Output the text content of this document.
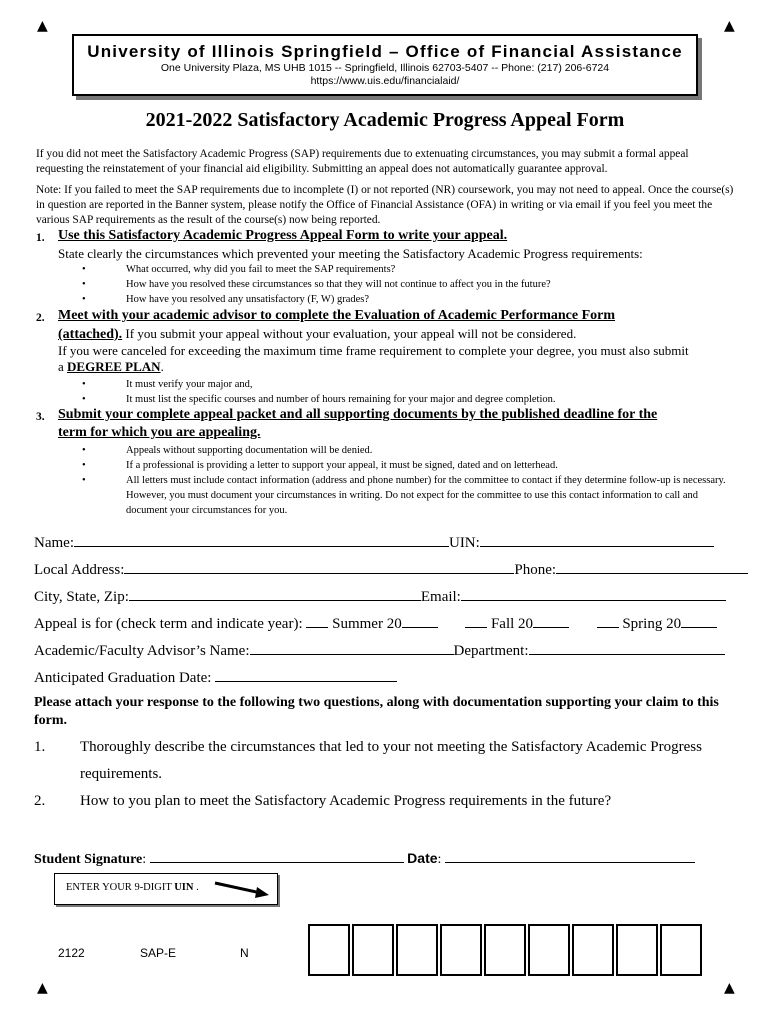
▲	▲
▲	▲
University of Illinois Springfield – Office of Financial Assistance
One University Plaza, MS UHB 1015 -- Springfield, Illinois 62703-5407 -- Phone: (217) 206-6724
https://www.uis.edu/financialaid/
2021-2022 Satisfactory Academic Progress Appeal Form

If you did not meet the Satisfactory Academic Progress (SAP) requirements due to extenuating circumstances, you may submit a formal appeal requesting the reinstatement of your financial aid eligibility. Submitting an appeal does not automatically guarantee approval.

Note: If you failed to meet the SAP requirements due to incomplete (I) or not reported (NR) coursework, you may not need to appeal. Once the course(s) in question are reported in the Banner system, please notify the Office of Financial Assistance (OFA) in writing or via email if you feel you meet the various SAP requirements as the result of the course(s) now being reported.

1. Use this Satisfactory Academic Progress Appeal Form to write your appeal.
State clearly the circumstances which prevented your meeting the Satisfactory Academic Progress requirements:
•	What occurred, why did you fail to meet the SAP requirements?
•	How have you resolved these circumstances so that they will not continue to affect you in the future?
•	How have you resolved any unsatisfactory (F, W) grades?
2. Meet with your academic advisor to complete the Evaluation of Academic Performance Form
(attached). If you submit your appeal without your evaluation, your appeal will not be considered.
If you were canceled for exceeding the maximum time frame requirement to complete your degree, you must also submit
a DEGREE PLAN.
•	It must verify your major and,
•	It must list the specific courses and number of hours remaining for your major and degree completion.
3. Submit your complete appeal packet and all supporting documents by the published deadline for the
term for which you are appealing.
•	Appeals without supporting documentation will be denied.
•	If a professional is providing a letter to support your appeal, it must be signed, dated and on letterhead.
•	All letters must include contact information (address and phone number) for the committee to contact if they determine follow-up is necessary. However, you must document your circumstances in writing. Do not expect for the committee to use this contact information to call and document your circumstances for you.
Name:	UIN:
Local Address:	Phone:
City, State, Zip:	Email:
Appeal is for (check term and indicate year): Summer 20	Fall 20	Spring 20
Academic/Faculty Advisor’s Name:	Department:
Anticipated Graduation Date:
Please attach your response to the following two questions, along with documentation supporting your claim to this form.
1. Thoroughly describe the circumstances that led to your not meeting the Satisfactory Academic Progress
requirements.
2. How to you plan to meet the Satisfactory Academic Progress requirements in the future?
Student Signature:	Date:
ENTER YOUR 9-DIGIT UIN .
2122	SAP-E	N
